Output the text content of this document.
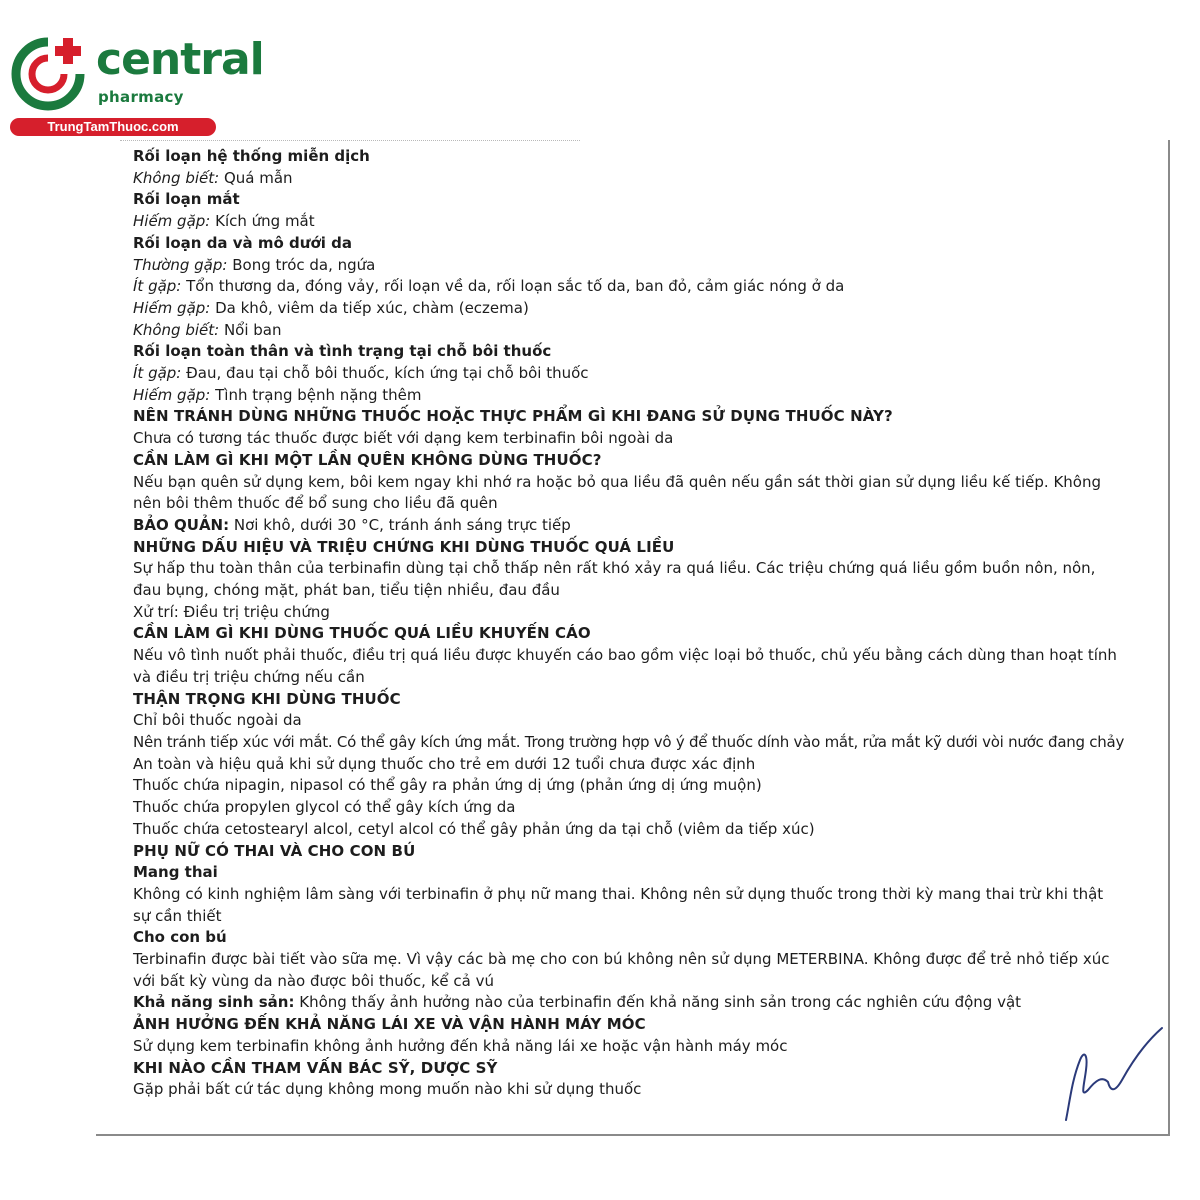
central
pharmacy
TrungTamThuoc.com

Rối loạn hệ thống miễn dịch

Không biết: Quá mẫn

Rối loạn mắt

Hiếm gặp: Kích ứng mắt

Rối loạn da và mô dưới da

Thường gặp: Bong tróc da, ngứa

Ít gặp: Tổn thương da, đóng vảy, rối loạn về da, rối loạn sắc tố da, ban đỏ, cảm giác nóng ở da

Hiếm gặp: Da khô, viêm da tiếp xúc, chàm (eczema)

Không biết: Nổi ban

Rối loạn toàn thân và tình trạng tại chỗ bôi thuốc

Ít gặp: Đau, đau tại chỗ bôi thuốc, kích ứng tại chỗ bôi thuốc

Hiếm gặp: Tình trạng bệnh nặng thêm

NÊN TRÁNH DÙNG NHỮNG THUỐC HOẶC THỰC PHẨM GÌ KHI ĐANG SỬ DỤNG THUỐC NÀY?

Chưa có tương tác thuốc được biết với dạng kem terbinafin bôi ngoài da

CẦN LÀM GÌ KHI MỘT LẦN QUÊN KHÔNG DÙNG THUỐC?

Nếu bạn quên sử dụng kem, bôi kem ngay khi nhớ ra hoặc bỏ qua liều đã quên nếu gần sát thời gian sử dụng liều kế tiếp. Không

nên bôi thêm thuốc để bổ sung cho liều đã quên

BẢO QUẢN: Nơi khô, dưới 30 °C, tránh ánh sáng trực tiếp

NHỮNG DẤU HIỆU VÀ TRIỆU CHỨNG KHI DÙNG THUỐC QUÁ LIỀU

Sự hấp thu toàn thân của terbinafin dùng tại chỗ thấp nên rất khó xảy ra quá liều. Các triệu chứng quá liều gồm buồn nôn, nôn,

đau bụng, chóng mặt, phát ban, tiểu tiện nhiều, đau đầu

Xử trí: Điều trị triệu chứng

CẦN LÀM GÌ KHI DÙNG THUỐC QUÁ LIỀU KHUYẾN CÁO

Nếu vô tình nuốt phải thuốc, điều trị quá liều được khuyến cáo bao gồm việc loại bỏ thuốc, chủ yếu bằng cách dùng than hoạt tính

và điều trị triệu chứng nếu cần

THẬN TRỌNG KHI DÙNG THUỐC

Chỉ bôi thuốc ngoài da

Nên tránh tiếp xúc với mắt. Có thể gây kích ứng mắt. Trong trường hợp vô ý để thuốc dính vào mắt, rửa mắt kỹ dưới vòi nước đang chảy

An toàn và hiệu quả khi sử dụng thuốc cho trẻ em dưới 12 tuổi chưa được xác định

Thuốc chứa nipagin, nipasol có thể gây ra phản ứng dị ứng (phản ứng dị ứng muộn)

Thuốc chứa propylen glycol có thể gây kích ứng da

Thuốc chứa cetostearyl alcol, cetyl alcol có thể gây phản ứng da tại chỗ (viêm da tiếp xúc)

PHỤ NỮ CÓ THAI VÀ CHO CON BÚ

Mang thai

Không có kinh nghiệm lâm sàng với terbinafin ở phụ nữ mang thai. Không nên sử dụng thuốc trong thời kỳ mang thai trừ khi thật

sự cần thiết

Cho con bú

Terbinafin được bài tiết vào sữa mẹ. Vì vậy các bà mẹ cho con bú không nên sử dụng METERBINA. Không được để trẻ nhỏ tiếp xúc

với bất kỳ vùng da nào được bôi thuốc, kể cả vú

Khả năng sinh sản: Không thấy ảnh hưởng nào của terbinafin đến khả năng sinh sản trong các nghiên cứu động vật

ẢNH HƯỞNG ĐẾN KHẢ NĂNG LÁI XE VÀ VẬN HÀNH MÁY MÓC

Sử dụng kem terbinafin không ảnh hưởng đến khả năng lái xe hoặc vận hành máy móc

KHI NÀO CẦN THAM VẤN BÁC SỸ, DƯỢC SỸ

Gặp phải bất cứ tác dụng không mong muốn nào khi sử dụng thuốc
